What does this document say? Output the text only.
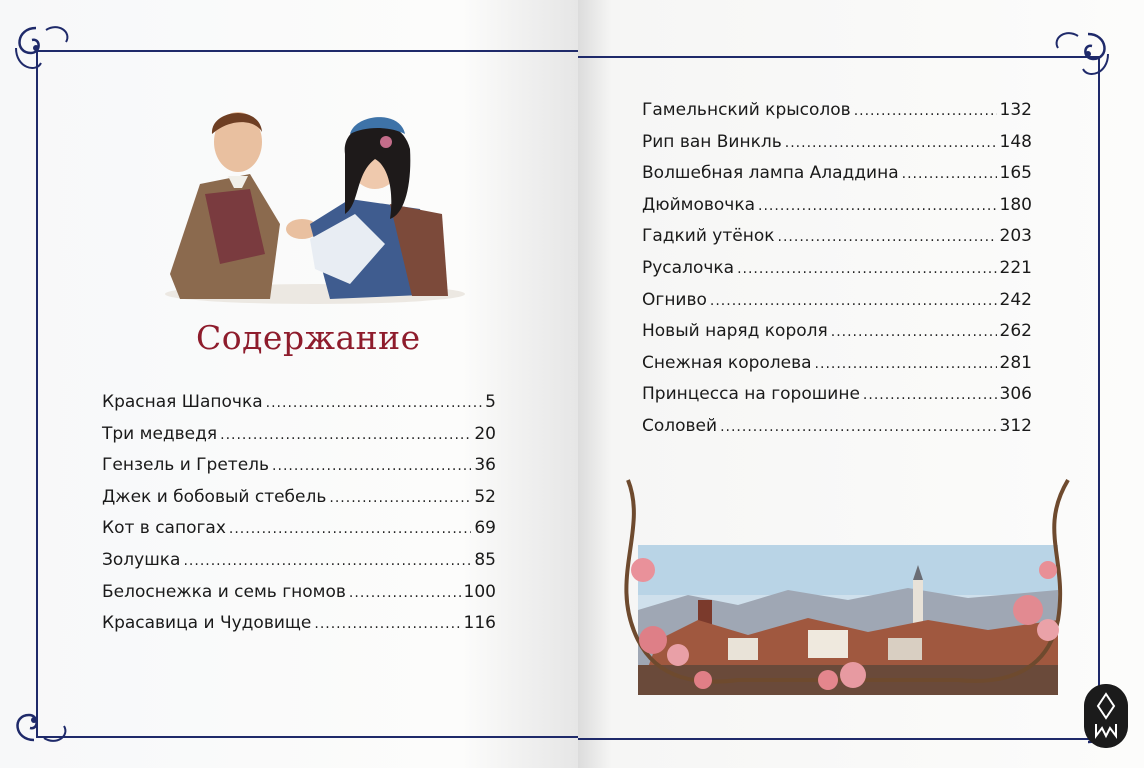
Содержание
Красная Шапочка .....	5
Три медведя .....	20
Гензель и Гретель .....	36
Джек и бобовый стебель .....	52
Кот в сапогах .....	69
Золушка .....	85
Белоснежка и семь гномов .....	100
Красавица и Чудовище .....	116
Гамельнский крысолов .....	132
Рип ван Винкль .....	148
Волшебная лампа Аладдина .....	165
Дюймовочка .....	180
Гадкий утёнок .....	203
Русалочка .....	221
Огниво .....	242
Новый наряд короля .....	262
Снежная королева .....	281
Принцесса на горошине .....	306
Соловей .....	312
